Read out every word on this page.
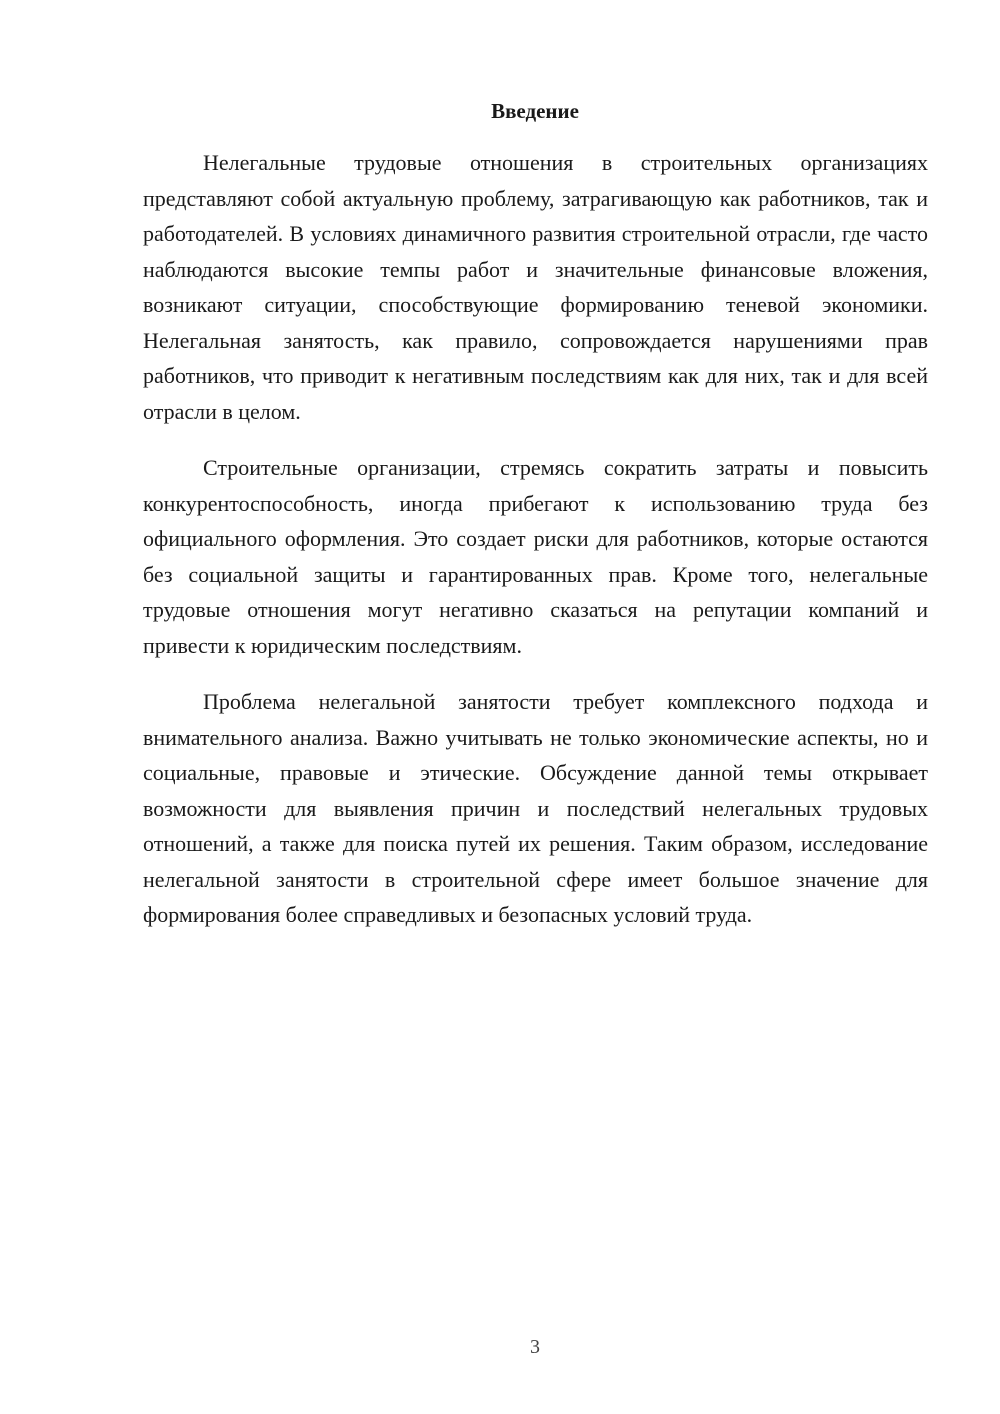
Введение

Нелегальные трудовые отношения в строительных организациях представляют собой актуальную проблему, затрагивающую как работников, так и работодателей. В условиях динамичного развития строительной отрасли, где часто наблюдаются высокие темпы работ и значительные финансовые вложения, возникают ситуации, способствующие формированию теневой экономики. Нелегальная занятость, как правило, сопровождается нарушениями прав работников, что приводит к негативным последствиям как для них, так и для всей отрасли в целом.

Строительные организации, стремясь сократить затраты и повысить конкурентоспособность, иногда прибегают к использованию труда без официального оформления. Это создает риски для работников, которые остаются без социальной защиты и гарантированных прав. Кроме того, нелегальные трудовые отношения могут негативно сказаться на репутации компаний и привести к юридическим последствиям.

Проблема нелегальной занятости требует комплексного подхода и внимательного анализа. Важно учитывать не только экономические аспекты, но и социальные, правовые и этические. Обсуждение данной темы открывает возможности для выявления причин и последствий нелегальных трудовых отношений, а также для поиска путей их решения. Таким образом, исследование нелегальной занятости в строительной сфере имеет большое значение для формирования более справедливых и безопасных условий труда.

3
